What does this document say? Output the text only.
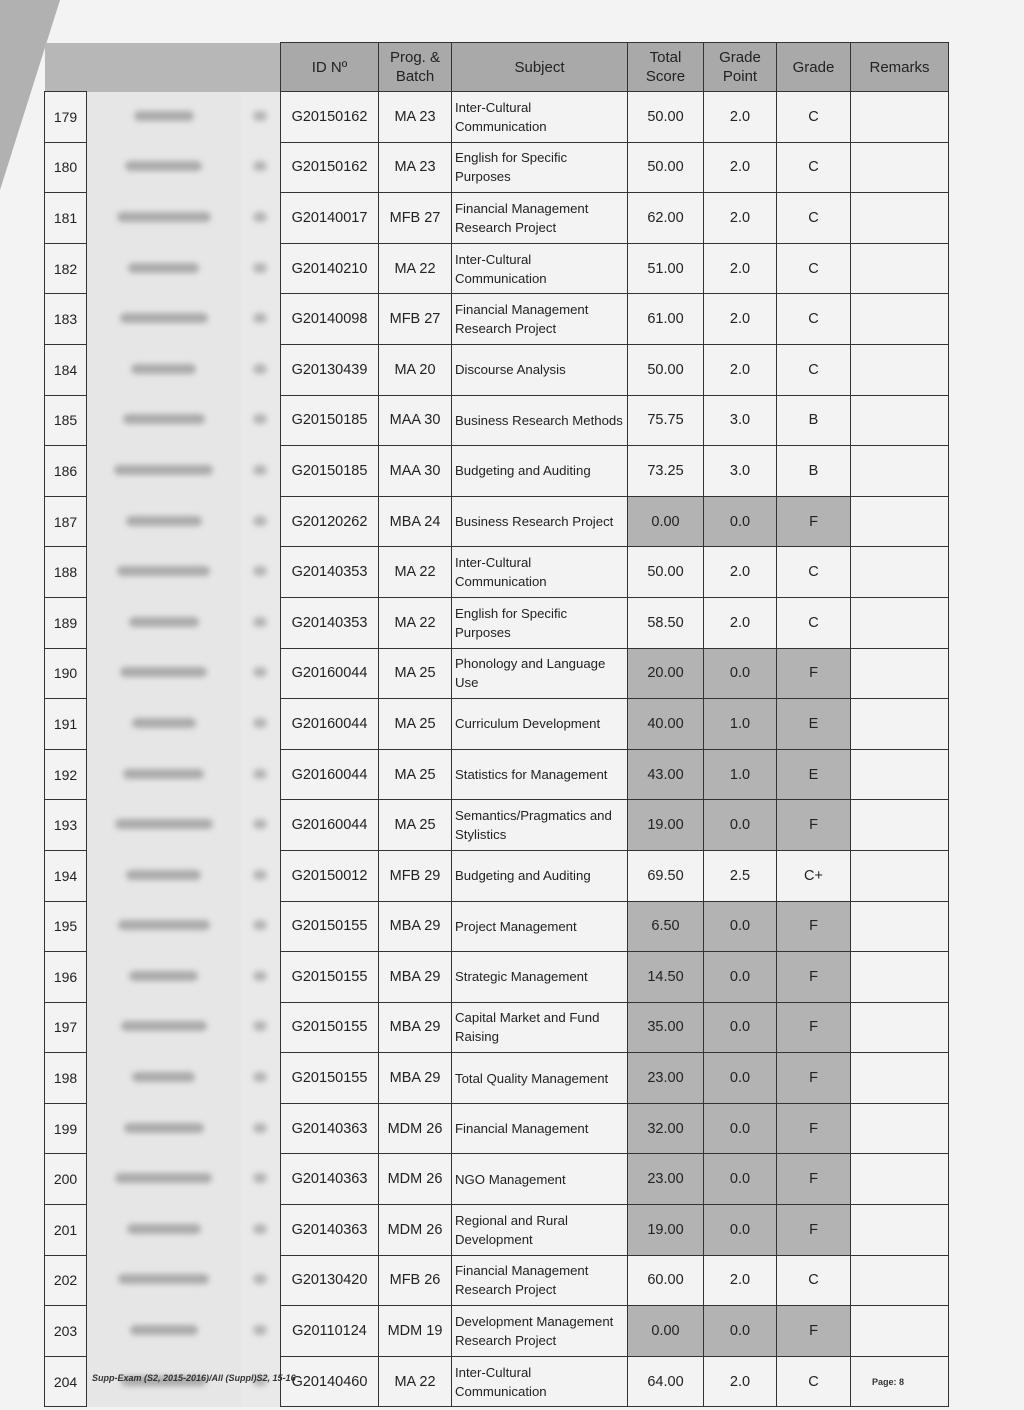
			ID Nº	Prog. & Batch	Subject	Total Score	Grade Point	Grade	Remarks
179			G20150162	MA 23	Inter-Cultural Communication	50.00	2.0	C	
180			G20150162	MA 23	English for Specific Purposes	50.00	2.0	C	
181			G20140017	MFB 27	Financial Management Research Project	62.00	2.0	C	
182			G20140210	MA 22	Inter-Cultural Communication	51.00	2.0	C	
183			G20140098	MFB 27	Financial Management Research Project	61.00	2.0	C	
184			G20130439	MA 20	Discourse Analysis	50.00	2.0	C	
185			G20150185	MAA 30	Business Research Methods	75.75	3.0	B	
186			G20150185	MAA 30	Budgeting and Auditing	73.25	3.0	B	
187			G20120262	MBA 24	Business Research Project	0.00	0.0	F	
188			G20140353	MA 22	Inter-Cultural Communication	50.00	2.0	C	
189			G20140353	MA 22	English for Specific Purposes	58.50	2.0	C	
190			G20160044	MA 25	Phonology and Language Use	20.00	0.0	F	
191			G20160044	MA 25	Curriculum Development	40.00	1.0	E	
192			G20160044	MA 25	Statistics for Management	43.00	1.0	E	
193			G20160044	MA 25	Semantics/Pragmatics and Stylistics	19.00	0.0	F	
194			G20150012	MFB 29	Budgeting and Auditing	69.50	2.5	C+	
195			G20150155	MBA 29	Project Management	6.50	0.0	F	
196			G20150155	MBA 29	Strategic Management	14.50	0.0	F	
197			G20150155	MBA 29	Capital Market and Fund Raising	35.00	0.0	F	
198			G20150155	MBA 29	Total Quality Management	23.00	0.0	F	
199			G20140363	MDM 26	Financial Management	32.00	0.0	F	
200			G20140363	MDM 26	NGO Management	23.00	0.0	F	
201			G20140363	MDM 26	Regional and Rural Development	19.00	0.0	F	
202			G20130420	MFB 26	Financial Management Research Project	60.00	2.0	C	
203			G20110124	MDM 19	Development Management Research Project	0.00	0.0	F	
204			G20140460	MA 22	Inter-Cultural Communication	64.00	2.0	C	
Supp-Exam (S2, 2015-2016)/All (Suppl)S2, 15-16	Page: 8
